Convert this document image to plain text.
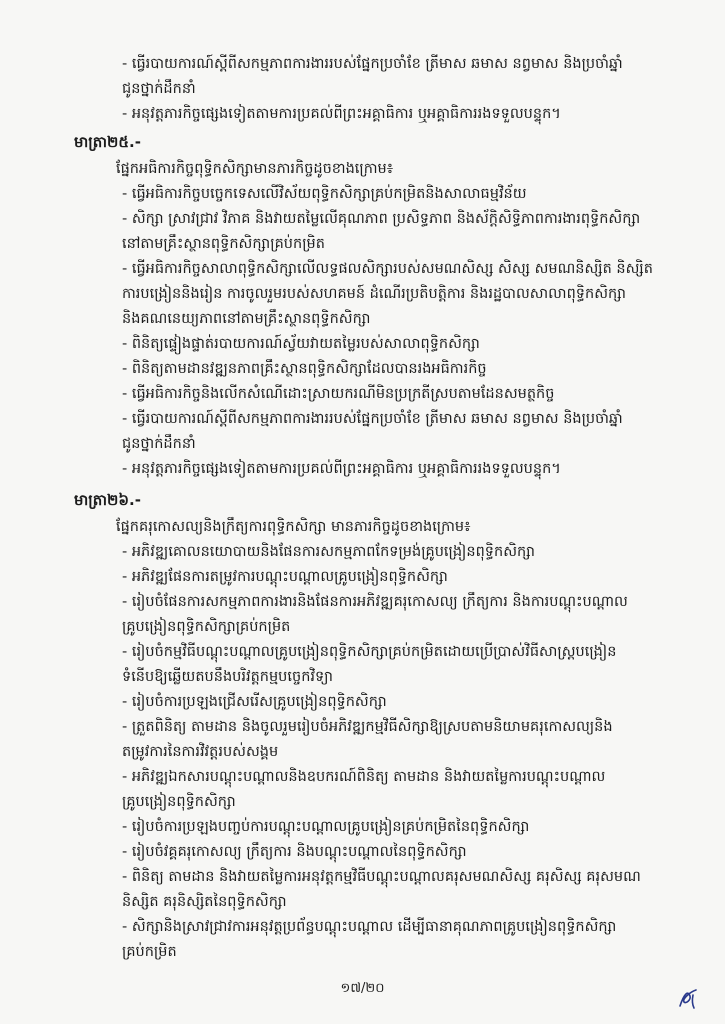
- ធ្វើរបាយការណ៍ស្ដីពីសកម្មភាពការងាររបស់ផ្នែកប្រចាំខែ ត្រីមាស ឆមាស នព្វមាស និងប្រចាំឆ្នាំ
ជូនថ្នាក់ដឹកនាំ
- អនុវត្តភារកិច្ចផ្សេងទៀតតាមការប្រគល់ពីព្រះអគ្គាធិការ ឬអគ្គាធិការរងទទួលបន្ទុក។
មាត្រា២៥.-
ផ្នែកអធិការកិច្ចពុទ្ធិកសិក្សាមានភារកិច្ចដូចខាងក្រោម៖
- ធ្វើអធិការកិច្ចបច្ចេកទេសលើវិស័យពុទ្ធិកសិក្សាគ្រប់កម្រិតនិងសាលាធម្មវិន័យ
- សិក្សា ស្រាវជ្រាវ វិភាគ និងវាយតម្លៃលើគុណភាព ប្រសិទ្ធភាព និងស័ក្ដិសិទ្ធិភាពការងារពុទ្ធិកសិក្សា
នៅតាមគ្រឹះស្ថានពុទ្ធិកសិក្សាគ្រប់កម្រិត
- ធ្វើអធិការកិច្ចសាលាពុទ្ធិកសិក្សាលើលទ្ធផលសិក្សារបស់សមណសិស្ស សិស្ស សមណនិស្សិត និស្សិត
ការបង្រៀននិងរៀន ការចូលរួមរបស់សហគមន៍ ដំណើរប្រតិបត្តិការ និងរដ្ឋបាលសាលាពុទ្ធិកសិក្សា
និងគណនេយ្យភាពនៅតាមគ្រឹះស្ថានពុទ្ធិកសិក្សា
- ពិនិត្យផ្ទៀងផ្ទាត់របាយការណ៍ស្វ័យវាយតម្លៃរបស់សាលាពុទ្ធិកសិក្សា
- ពិនិត្យតាមដានវឌ្ឍនភាពគ្រឹះស្ថានពុទ្ធិកសិក្សាដែលបានរងអធិការកិច្ច
- ធ្វើអធិការកិច្ចនិងលើកសំណើដោះស្រាយករណីមិនប្រក្រតីស្របតាមដែនសមត្ថកិច្ច
- ធ្វើរបាយការណ៍ស្ដីពីសកម្មភាពការងាររបស់ផ្នែកប្រចាំខែ ត្រីមាស ឆមាស នព្វមាស និងប្រចាំឆ្នាំ
ជូនថ្នាក់ដឹកនាំ
- អនុវត្តភារកិច្ចផ្សេងទៀតតាមការប្រគល់ពីព្រះអគ្គាធិការ ឬអគ្គាធិការរងទទួលបន្ទុក។
មាត្រា២៦.-
ផ្នែកគរុកោសល្យនិងក្រឹត្យការពុទ្ធិកសិក្សា មានភារកិច្ចដូចខាងក្រោម៖
- អភិវឌ្ឍគោលនយោបាយនិងផែនការសកម្មភាពកែទម្រង់គ្រូបង្រៀនពុទ្ធិកសិក្សា
- អភិវឌ្ឍផែនការតម្រូវការបណ្ដុះបណ្ដាលគ្រូបង្រៀនពុទ្ធិកសិក្សា
- រៀបចំផែនការសកម្មភាពការងារនិងផែនការអភិវឌ្ឍគរុកោសល្យ ក្រឹត្យការ និងការបណ្ដុះបណ្ដាល
គ្រូបង្រៀនពុទ្ធិកសិក្សាគ្រប់កម្រិត
- រៀបចំកម្មវិធីបណ្ដុះបណ្ដាលគ្រូបង្រៀនពុទ្ធិកសិក្សាគ្រប់កម្រិតដោយប្រើប្រាស់វិធីសាស្រ្តបង្រៀន
ទំនើបឱ្យឆ្លើយតបនឹងបរិវត្តកម្មបច្ចេកវិទ្យា
- រៀបចំការប្រឡងជ្រើសរើសគ្រូបង្រៀនពុទ្ធិកសិក្សា
- ត្រួតពិនិត្យ តាមដាន និងចូលរួមរៀបចំអភិវឌ្ឍកម្មវិធីសិក្សាឱ្យស្របតាមនិយាមគរុកោសល្យនិង
តម្រូវការនៃការវិវត្តរបស់សង្គម
- អភិវឌ្ឍឯកសារបណ្ដុះបណ្ដាលនិងឧបករណ៍ពិនិត្យ តាមដាន និងវាយតម្លៃការបណ្ដុះបណ្ដាល
គ្រូបង្រៀនពុទ្ធិកសិក្សា
- រៀបចំការប្រឡងបញ្ចប់ការបណ្ដុះបណ្ដាលគ្រូបង្រៀនគ្រប់កម្រិតនៃពុទ្ធិកសិក្សា
- រៀបចំវគ្គគរុកោសល្យ ក្រឹត្យការ និងបណ្ដុះបណ្ដាលនៃពុទ្ធិកសិក្សា
- ពិនិត្យ តាមដាន និងវាយតម្លៃការអនុវត្តកម្មវិធីបណ្ដុះបណ្ដាលគរុសមណសិស្ស គរុសិស្ស គរុសមណ
និស្សិត គរុនិស្សិតនៃពុទ្ធិកសិក្សា
- សិក្សានិងស្រាវជ្រាវការអនុវត្តប្រព័ន្ធបណ្ដុះបណ្ដាល ដើម្បីធានាគុណភាពគ្រូបង្រៀនពុទ្ធិកសិក្សា
គ្រប់កម្រិត
១៧/២០
